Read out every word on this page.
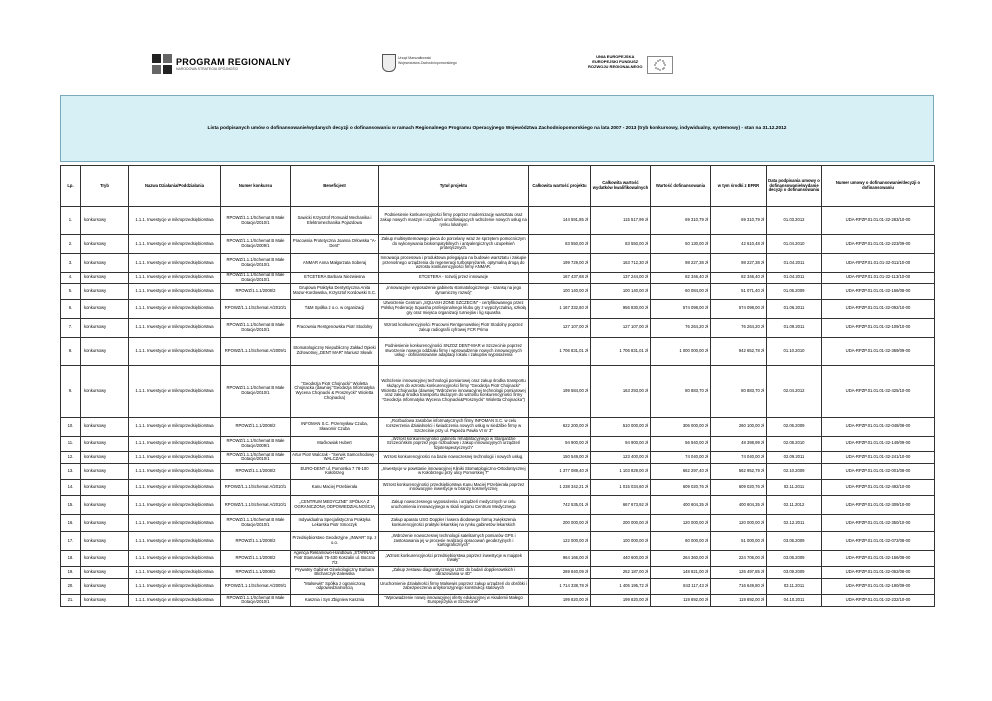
PROGRAM REGIONALNY
NARODOWA STRATEGIA SPÓJNOŚCI
Urząd Marszałkowski
Województwa Zachodniopomorskiego
UNIA EUROPEJSKA
EUROPEJSKI FUNDUSZ
ROZWOJU REGIONALNEGO
Lista podpisanych umów o dofinansowanie/wydanych decyzji o dofinansowaniu w ramach Regionalnego Programu Operacyjnego Województwa Zachodniopomorskiego na lata 2007 - 2013 (tryb konkursowy, indywidualny, systemowy) - stan na 31.12.2012
Lp.	Tryb	Nazwa Działania/Poddziałania	Numer konkursu	Beneficjent	Tytuł projektu	Całkowita wartość projektu	Całkowita wartość wydatków kwalifikowalnych	Wartość dofinansowania	w tym środki z EFRR	Data podpisania umowy o dofinansowanie/wydanie decyzji o dofinansowaniu	Numer umowy o dofinansowanie/decyzji o dofinansowaniu
1.	konkursowy	1.1.1. Inwestycje w mikroprzedsiębiorstwa	RPOWZ/1.1.1/Schemat B Małe Dotacje/2010/1	Sawicki Krzysztof Romuald Mechanika i Elektromechanika Pojazdowa	Podniesienie konkurencyjności firmy poprzez modernizację warsztatu oraz zakup nowych maszyn i urządzeń umożliwiających wdrożenie nowych usług na rynku lokalnym	144 591,85 zł	115 517,99 zł	69 310,79 zł	69 310,79 zł	01.03.2012	UDA-RPZP.01.01.01-32-283/10-00
2.	konkursowy	1.1.1. Inwestycje w mikroprzedsiębiorstwa	RPOWZ/1.1.1/Schemat B Małe Dotacje/2009/1	Pracownia Protetyczna Joanna Orłowska "A-Dent"	Zakup multisystemowego pieca do porcelany wraz ze sprzętem pomocniczym do wykonywania biokompatybilnych i antyalergicznych uzupełnień protetycznych.	83 550,00 zł	83 550,00 zł	50 130,00 zł	42 610,48 zł	01.04.2010	UDA-RPZP.01.01.01-32-223/09-00
3.	konkursowy	1.1.1. Inwestycje w mikroprzedsiębiorstwa	RPOWZ/1.1.1/Schemat B Małe Dotacje/2010/1	ANMAR Anna Małgorzata Soberaj	Innowacja procesowa i produktowa polegająca na budowie warsztatu i zakupie przenośnego urządzenia do regeneracji turbosprężarek, optymalną drogą do wzrostu konkurencyjności firmy ANMAR.	199 729,00 zł	163 712,30 zł	98 227,38 zł	98 227,38 zł	01.04.2011	UDA-RPZP.01.01.01-32-011/10-00
4.	konkursowy	1.1.1. Inwestycje w mikroprzedsiębiorstwa	RPOWZ/1.1.1/Schemat B Małe Dotacje/2010/1	ETCETERA Barbara Niezwiesna	ETCETERA - rozwój przez innowacje	167 437,68 zł	137 244,00 zł	82 346,40 zł	82 346,40 zł	01.04.2011	UDA-RPZP.01.01.01-32-113/10-00
5.	konkursowy	1.1.1. Inwestycje w mikroprzedsiębiorstwa	RPOWZ/1.1.1/2008/2	Grupowa Praktyka Dentystyczna Anita Mazur-Kordowska, Krzysztof Kordowski S.C.	„Innowacyjne wyposażenie gabinetu stomatologicznego - szansą na jego dynamiczny rozwój"	100 140,00 zł	100 140,00 zł	60 084,00 zł	51 071,40 zł	01.06.2009	UDA-RPZP.01.01.01-32-166/08-00
6.	konkursowy	1.1.1. Inwestycje w mikroprzedsiębiorstwa	RPOWZ/1.1.1/Schemat A/2010/1	T&M Spółka z o.o. w organizacji	Utworzenie Centrum „SQUASH ZONE SZCZECIN" - certyfikowanego przez Polską Federację Squasha profesjonalnego klubu gry z wypożyczalnią, szkołą gry oraz miejsca organizacji turniejów i lig squasha	1 167 332,60 zł	956 830,00 zł	574 098,00 zł	574 098,00 zł	01.06.2011	UDA-RPZP.01.01.01-32-092/10-00
7.	konkursowy	1.1.1. Inwestycje w mikroprzedsiębiorstwa	RPOWZ/1.1.1/Schemat B Małe Dotacje/2010/1	Pracownia Rentgenowska Piotr Stodolny	Wzrost konkurencyjności Pracowni Rentgenowskiej Piotr Stodolny poprzez zakup radiografii cyfrowej FCR Prima	127 107,00 zł	127 107,00 zł	76 264,20 zł	76 264,20 zł	01.09.2011	UDA-RPZP.01.01.01-32-109/10-00
8.	konkursowy	1.1.1. Inwestycje w mikroprzedsiębiorstwa	RPOWZ/1.1.1/Schemat A/2009/1	Stomatologiczny Niepubliczny Zakład Opieki Zdrowotnej „DENT MAR" Mariusz Słowik	Podniesienie konkurencyjności SNZOZ DENT-MAR w Szczecinie poprzez stworzenie nowego oddziału firmy i wprowadzenie nowych innowacyjnych usług - dofinansowanie adaptacji lokalu i zakupów wyposażenia	1 706 831,01 zł	1 706 831,01 zł	1 000 000,00 zł	942 652,78 zł	01.10.2010	UDA-RPZP.01.01.01-32-369/09-00
9.	konkursowy	1.1.1. Inwestycje w mikroprzedsiębiorstwa	RPOWZ/1.1.1/Schemat B Małe Dotacje/2010/1	"Geodezja Piotr Chojnacki" Wioletta Chojnacka (dawniej:"Geodezja Informatyka Wycena Chojnacki & Prosznycki" Wioletta Chojnacka)	Wdrożenie innowacyjnej technologii pomiarowej oraz zakup środka transportu służącym do wzrostu konkurencyjności firmy "Geodezja Piotr Chojnacki" Wioletta Chojnacka (dawniej:"Wdrożenie innowacyjnej technologii pomiarowej oraz zakup środka transportu służącym do wzrostu konkurencyjności firmy "Geodezja Informatyka Wycena Chojnacki&Prosznycki" Wioletta Chojnacka")	199 584,00 zł	163 293,00 zł	80 883,70 zł	80 883,70 zł	02.04.2012	UDA-RPZP.01.01.01-32-425/10-00
10.	konkursowy	1.1.1. Inwestycje w mikroprzedsiębiorstwa	RPOWZ/1.1.1/2008/2	INFOMAN S.C. Przemysław Czuba, Sławomir Czuba	„Rozbudowa zasobów informatycznych firmy INFOMAN S.C. w celu rozszerzenia działalności i świadczenia nowych usług w siedzibie firmy w Szczecinie przy ul. Papieża Pawła VI nr 3"	622 200,00 zł	510 000,00 zł	306 000,00 zł	260 100,00 zł	02.06.2009	UDA-RPZP.01.01.01-32-048/08-00
11.	konkursowy	1.1.1. Inwestycje w mikroprzedsiębiorstwa	RPOWZ/1.1.1/Schemat B Małe Dotacje/2009/1	Maćkowiak Hubert	„Wzrost konkurencyjności gabinetu rehabilitacyjnego w Stargardzie Szczecińskim poprzez jego rozbudowę i zakup innowacyjnych urządzeń fizjoterapeutycznych"	94 900,00 zł	94 900,00 zł	56 940,00 zł	48 398,99 zł	02.08.2010	UDA-RPZP.01.01.01-32-149/09-00
12.	konkursowy	1.1.1. Inwestycje w mikroprzedsiębiorstwa	RPOWZ/1.1.1/Schemat B Małe Dotacje/2010/1	Artur Piotr Walczak - "Serwis Samochodowy - WALCZAK"	Wzrost konkurencyjności na bazie nowoczesnej technologii i nowych usług.	150 549,00 zł	123 400,00 zł	74 040,00 zł	74 040,00 zł	02.09.2011	UDA-RPZP.01.01.01-32-241/10-00
13.	konkursowy	1.1.1. Inwestycje w mikroprzedsiębiorstwa	RPOWZ/1.1.1/2008/2	EURO-DENT ul. Pomorska 7 78-100 Kołobrzeg	„Inwestycje w powstanie innowacyjnej Kliniki Stomatologiczno-Ortodontycznej w Kołobrzegu przy ulicy Pomorskiej 7"	1 377 089,40 zł	1 103 829,00 zł	662 297,40 zł	562 952,79 zł	02.10.2009	UDA-RPZP.01.01.01-32-001/08-00
14.	konkursowy	1.1.1. Inwestycje w mikroprzedsiębiorstwa	RPOWZ/1.1.1/Schemat A/2010/1	Kanu Maciej Przebierała	Wzrost konkurencyjności przedsiębiorstwa Kanu Maciej Przebierała poprzez innowacyjne inwestycje w branży kosmetycznej	1 238 342,21 zł	1 015 034,60 zł	609 020,76 zł	609 020,76 zł	02.11.2011	UDA-RPZP.01.01.01-32-492/10-00
15.	konkursowy	1.1.1. Inwestycje w mikroprzedsiębiorstwa	RPOWZ/1.1.1/Schemat A/2010/1	„CENTRUM MEDYCZNE" SPÓŁKA Z OGRANICZONĄ ODPOWIEDZIALNOŚCIĄ	Zakup nowoczesnego wyposażenia i urządzeń medycznych w celu uruchomienia innowacyjnego w skali regionu Centrum Medycznego	742 535,01 zł	667 673,92 zł	400 604,35 zł	400 604,35 zł	02.11.2012	UDA-RPZP.01.01.01-32-309/10-00
16.	konkursowy	1.1.1. Inwestycje w mikroprzedsiębiorstwa	RPOWZ/1.1.1/Schemat B Małe Dotacje/2010/1	Indywidualna Specjalistyczna Praktyka Lekarska Piotr Smoczyk	Zakup aparatu USG Doppler i łasera diodowego formą zwiększenia konkurencyjności praktyki lekarskiej na rynku gabinetów lekarskich	200 000,00 zł	200 000,00 zł	120 000,00 zł	120 000,00 zł	02.12.2011	UDA-RPZP.01.01.01-32-350/10-00
17.	konkursowy	1.1.1. Inwestycje w mikroprzedsiębiorstwa	RPOWZ/1.1.1/2008/2	Przedsiębiorstwo Geodezyjne „INWAR" Sp. z o.o.	„Wdrożenie nowoczesnej technologii satelitarnych pomiarów GPS i zastosowania jej w procesie realizacji opracowań geodezyjnych i kartograficznych"	122 000,00 zł	100 000,00 zł	60 000,00 zł	51 000,00 zł	03.06.2009	UDA-RPZP.01.01.01-32-072/08-00
18.	konkursowy	1.1.1. Inwestycje w mikroprzedsiębiorstwa	RPOWZ/1.1.1/2008/2	Agencja Reklamowo-Handlowa „STARNAS" Piotr Stamasiak 75-430 Koszalin ul. Boczna 7/3	„Wzrost konkurencyjności przedsiębiorstwa poprzez inwestycje w majątek trwały"	964 166,00 zł	440 600,00 zł	264 360,00 zł	224 706,00 zł	03.06.2009	UDA-RPZP.01.01.01-32-156/08-00
19.	konkursowy	1.1.1. Inwestycje w mikroprzedsiębiorstwa	RPOWZ/1.1.1/2008/2	Prywatny Gabinet Ginekologiczny Barbara Blicharczyk-Zalewska	„Zakup zestawu diagnostycznego USG do badań dopplerowskich i obrazowania w 4D"	269 840,09 zł	252 187,00 zł	148 821,00 zł	126 497,85 zł	03.09.2009	UDA-RPZP.01.01.01-32-062/08-00
20.	konkursowy	1.1.1. Inwestycje w mikroprzedsiębiorstwa	RPOWZ/1.1.1/Schemat A/2009/1	"Malsewis" Spółka z ograniczoną odpowiedzialnością	Uruchomienie działalności firmy Malsewis poprzez zakup urządzeń do obróbki i zabezpieczenia antykorozyjnego konstrukcji stalowych	1 714 338,78 zł	1 405 195,72 zł	843 117,43 zł	716 649,80 zł	03.11.2011	UDA-RPZP.01.01.01-32-190/09-00
21.	konkursowy	1.1.1. Inwestycje w mikroprzedsiębiorstwa	RPOWZ/1.1.1/Schemat B Małe Dotacje/2010/1	Kasznia i Syn Zbigniew Kasznia	"Wprowadzenie nowej innowacyjnej oferty edukacyjnej w Akademii Małego Europejczyka w Szczecinie"	199 820,00 zł	199 820,00 zł	119 892,00 zł	119 892,00 zł	04.10.2011	UDA-RPZP.01.01.01-32-232/10-00
